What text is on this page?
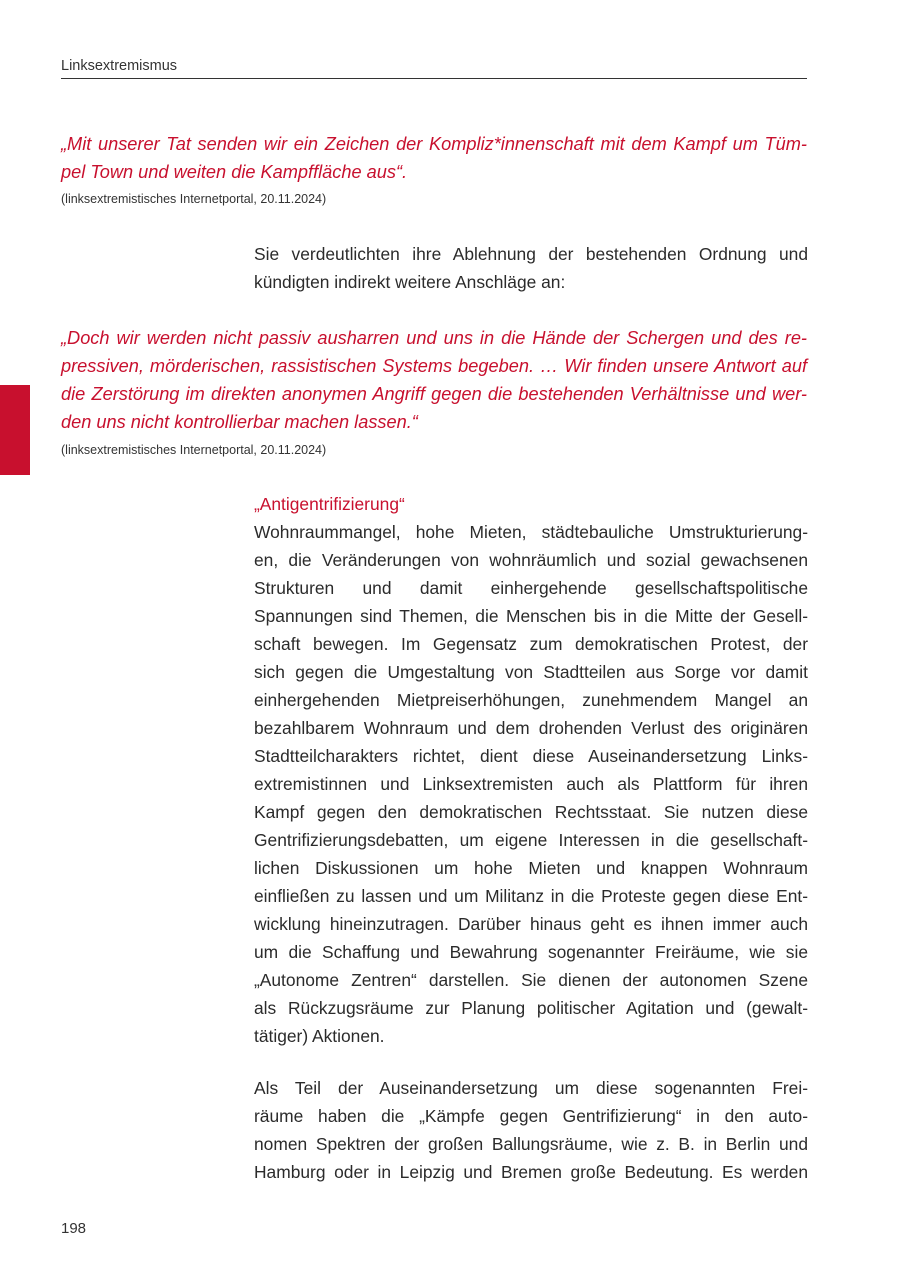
Linksextremismus

„Mit unserer Tat senden wir ein Zeichen der Kompliz*innenschaft mit dem Kampf um Tüm-
pel Town und weiten die Kampffläche aus“.

(linksextremistisches Internetportal, 20.11.2024)

Sie verdeutlichten ihre Ablehnung der bestehenden Ordnung und
kündigten indirekt weitere Anschläge an:

„Doch wir werden nicht passiv ausharren und uns in die Hände der Schergen und des re-
pressiven, mörderischen, rassistischen Systems begeben. … Wir finden unsere Antwort auf
die Zerstörung im direkten anonymen Angriff gegen die bestehenden Verhältnisse und wer-
den uns nicht kontrollierbar machen lassen.“

(linksextremistisches Internetportal, 20.11.2024)

„Antigentrifizierung“

Wohnraummangel, hohe Mieten, städtebauliche Umstrukturierung-
en, die Veränderungen von wohnräumlich und sozial gewachsenen
Strukturen und damit einhergehende gesellschaftspolitische
Spannungen sind Themen, die Menschen bis in die Mitte der Gesell-
schaft bewegen. Im Gegensatz zum demokratischen Protest, der
sich gegen die Umgestaltung von Stadtteilen aus Sorge vor damit
einhergehenden Mietpreiserhöhungen, zunehmendem Mangel an
bezahlbarem Wohnraum und dem drohenden Verlust des originären
Stadtteilcharakters richtet, dient diese Auseinandersetzung Links-
extremistinnen und Linksextremisten auch als Plattform für ihren
Kampf gegen den demokratischen Rechtsstaat. Sie nutzen diese
Gentrifizierungsdebatten, um eigene Interessen in die gesellschaft-
lichen Diskussionen um hohe Mieten und knappen Wohnraum
einfließen zu lassen und um Militanz in die Proteste gegen diese Ent-
wicklung hineinzutragen. Darüber hinaus geht es ihnen immer auch
um die Schaffung und Bewahrung sogenannter Freiräume, wie sie
„Autonome Zentren“ darstellen. Sie dienen der autonomen Szene
als Rückzugsräume zur Planung politischer Agitation und (gewalt-
tätiger) Aktionen.

Als Teil der Auseinandersetzung um diese sogenannten Frei-
räume haben die „Kämpfe gegen Gentrifizierung“ in den auto-
nomen Spektren der großen Ballungsräume, wie z. B. in Berlin und
Hamburg oder in Leipzig und Bremen große Bedeutung. Es werden

198
